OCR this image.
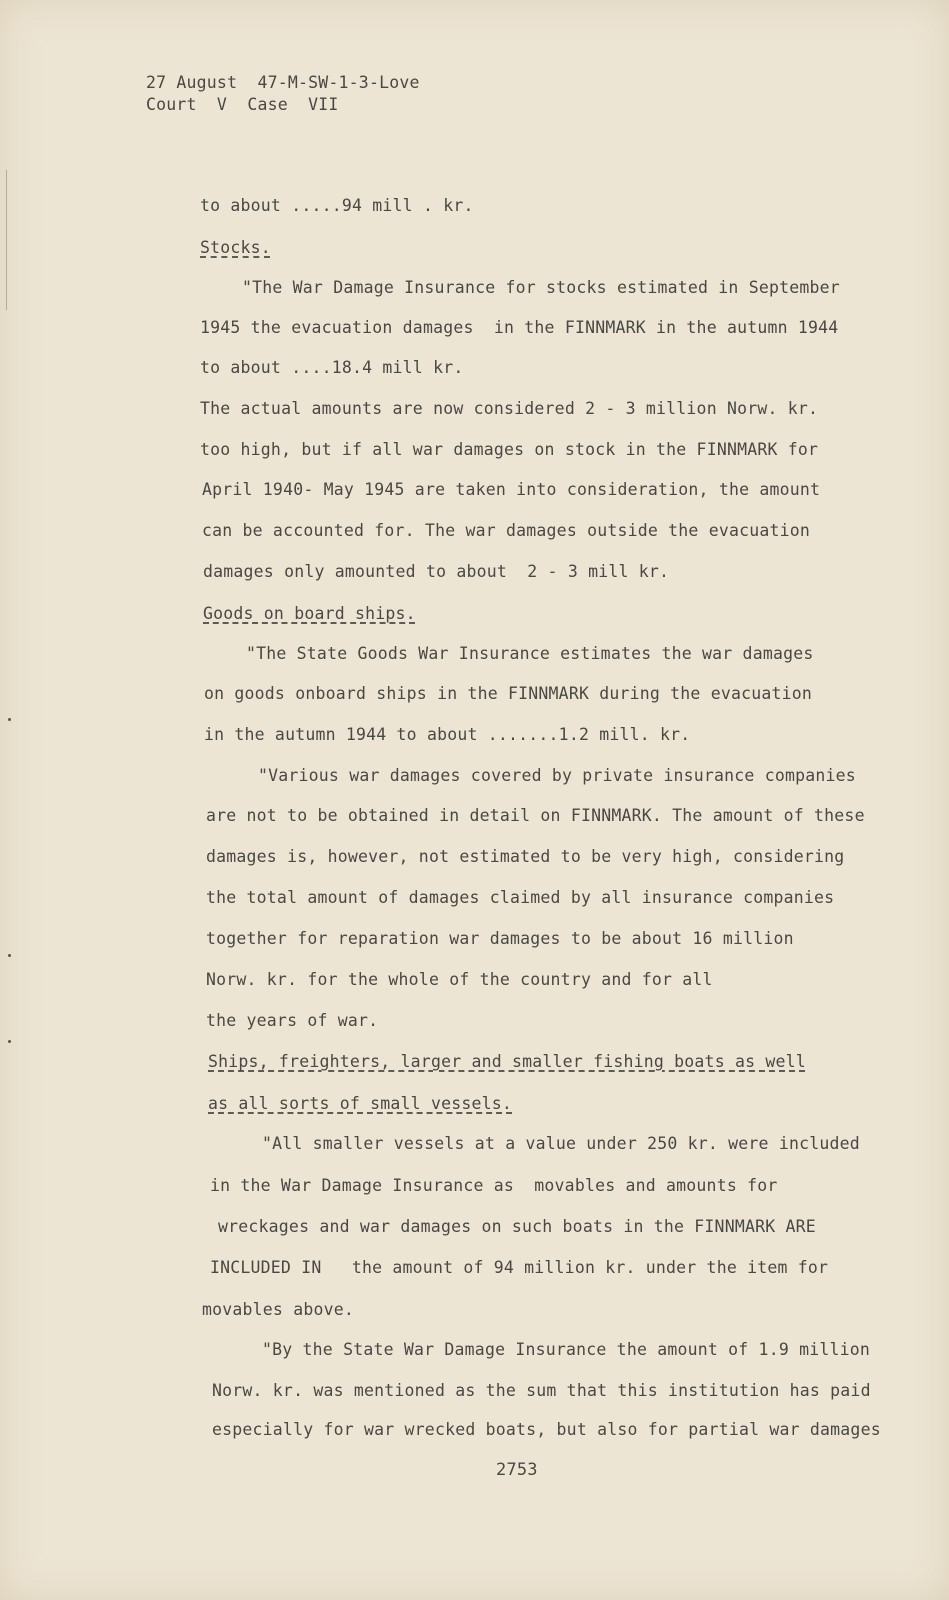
27 August  47-M-SW-1-3-Love
Court  V  Case  VII
to about .....94 mill . kr.
Stocks.
"The War Damage Insurance for stocks estimated in September
1945 the evacuation damages  in the FINNMARK in the autumn 1944
to about ....18.4 mill kr.
The actual amounts are now considered 2 - 3 million Norw. kr.
too high, but if all war damages on stock in the FINNMARK for
April 1940- May 1945 are taken into consideration, the amount
can be accounted for. The war damages outside the evacuation
damages only amounted to about  2 - 3 mill kr.
Goods on board ships.
"The State Goods War Insurance estimates the war damages
on goods onboard ships in the FINNMARK during the evacuation
in the autumn 1944 to about .......1.2 mill. kr.
"Various war damages covered by private insurance companies
are not to be obtained in detail on FINNMARK. The amount of these
damages is, however, not estimated to be very high, considering
the total amount of damages claimed by all insurance companies
together for reparation war damages to be about 16 million
Norw. kr. for the whole of the country and for all
the years of war.
Ships, freighters, larger and smaller fishing boats as well
as all sorts of small vessels.
"All smaller vessels at a value under 250 kr. were included
in the War Damage Insurance as  movables and amounts for
wreckages and war damages on such boats in the FINNMARK ARE
INCLUDED IN   the amount of 94 million kr. under the item for
movables above.
"By the State War Damage Insurance the amount of 1.9 million
Norw. kr. was mentioned as the sum that this institution has paid
especially for war wrecked boats, but also for partial war damages
2753
